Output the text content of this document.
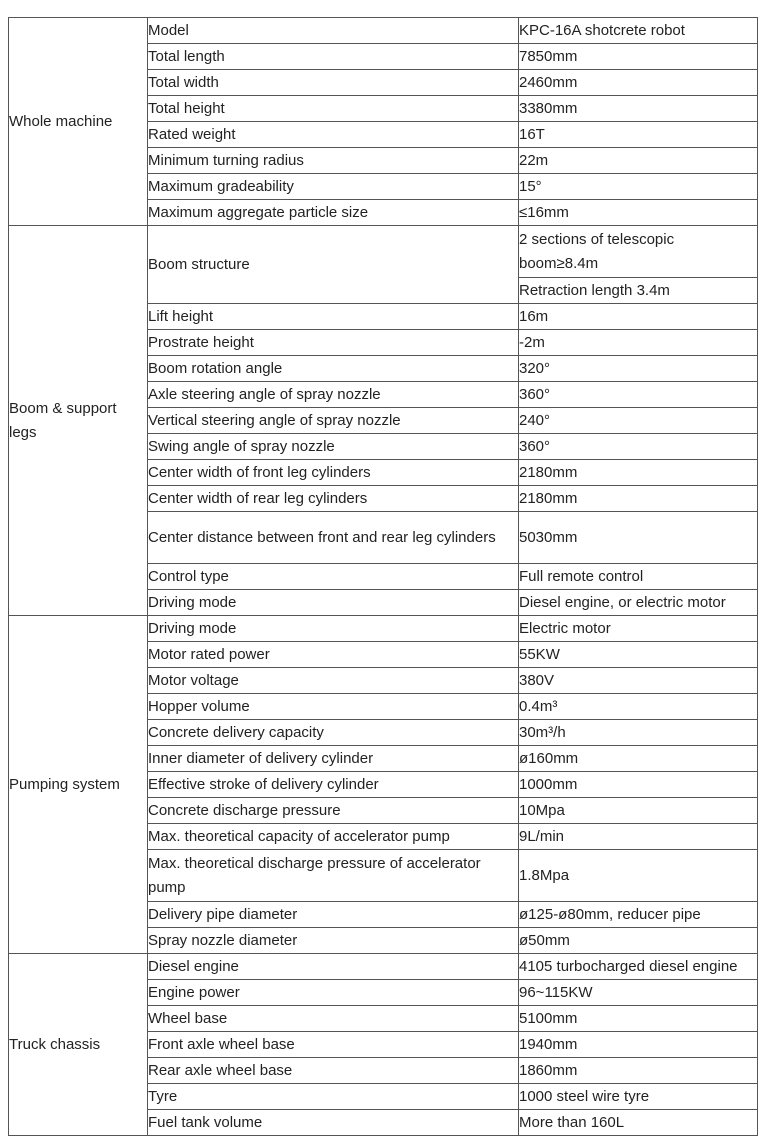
Whole machine	Model	KPC-16A shotcrete robot
	Total length	7850mm
	Total width	2460mm
	Total height	3380mm
	Rated weight	16T
	Minimum turning radius	22m
	Maximum gradeability	15°
	Maximum aggregate particle size	≤16mm
Boom & support legs	Boom structure	2 sections of telescopic boom≥8.4m
		Retraction length 3.4m
	Lift height	16m
	Prostrate height	-2m
	Boom rotation angle	320°
	Axle steering angle of spray nozzle	360°
	Vertical steering angle of spray nozzle	240°
	Swing angle of spray nozzle	360°
	Center width of front leg cylinders	2180mm
	Center width of rear leg cylinders	2180mm
	Center distance between front and rear leg cylinders	5030mm
	Control type	Full remote control
	Driving mode	Diesel engine, or electric motor
Pumping system	Driving mode	Electric motor
	Motor rated power	55KW
	Motor voltage	380V
	Hopper volume	0.4m³
	Concrete delivery capacity	30m³/h
	Inner diameter of delivery cylinder	ø160mm
	Effective stroke of delivery cylinder	1000mm
	Concrete discharge pressure	10Mpa
	Max. theoretical capacity of accelerator pump	9L/min
	Max. theoretical discharge pressure of accelerator pump	1.8Mpa
	Delivery pipe diameter	ø125-ø80mm, reducer pipe
	Spray nozzle diameter	ø50mm
Truck chassis	Diesel engine	4105 turbocharged diesel engine
	Engine power	96~115KW
	Wheel base	5100mm
	Front axle wheel base	1940mm
	Rear axle wheel base	1860mm
	Tyre	1000 steel wire tyre
	Fuel tank volume	More than 160L
